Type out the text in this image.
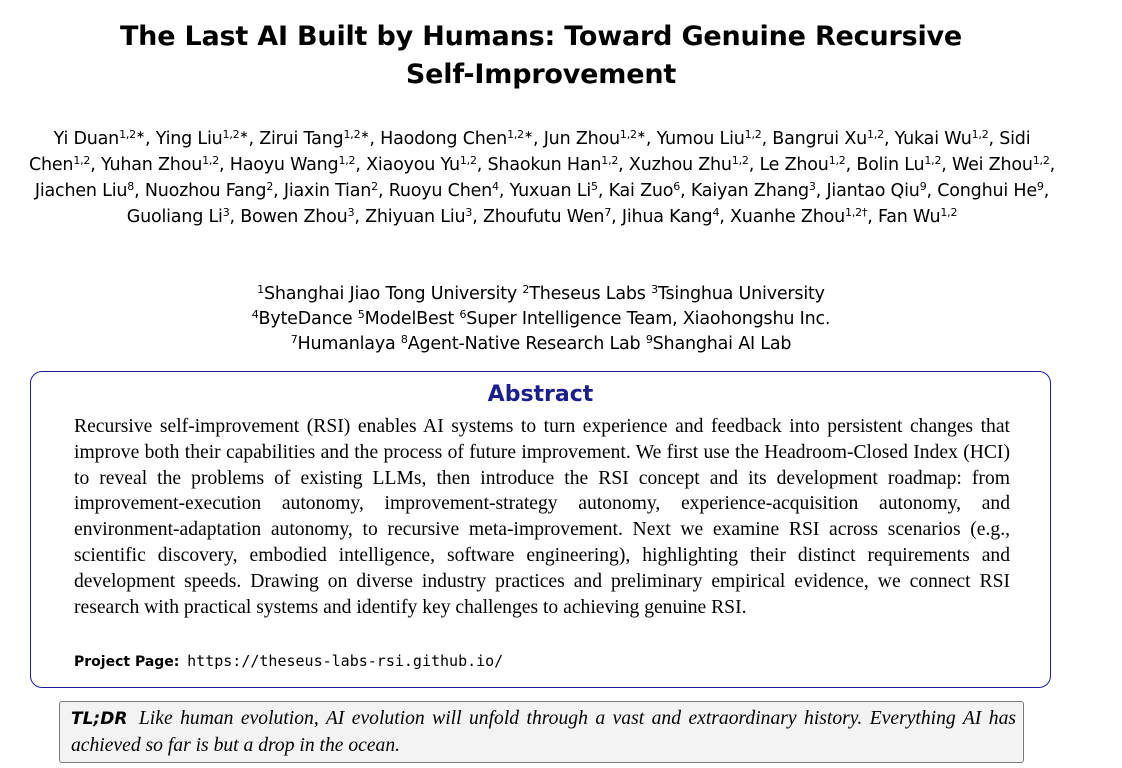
The Last AI Built by Humans: Toward Genuine Recursive
Self-Improvement
Yi Duan$^{1,2∗}$, Ying Liu$^{1,2∗}$, Zirui Tang$^{1,2∗}$, Haodong Chen$^{1,2∗}$, Jun Zhou$^{1,2∗}$, Yumou Liu$^{1,2}$, Bangrui Xu$^{1,2}$, Yukai Wu$^{1,2}$, Sidi Chen$^{1,2}$, Yuhan Zhou$^{1,2}$, Haoyu Wang$^{1,2}$, Xiaoyou Yu$^{1,2}$, Shaokun Han$^{1,2}$, Xuzhou Zhu$^{1,2}$, Le Zhou$^{1,2}$, Bolin Lu$^{1,2}$, Wei Zhou$^{1,2}$, Jiachen Liu$^8$, Nuozhou Fang$^2$, Jiaxin Tian$^2$, Ruoyu Chen$^4$, Yuxuan Li$^5$, Kai Zuo$^6$, Kaiyan Zhang$^3$, Jiantao Qiu$^9$, Conghui He$^9$, Guoliang Li$^3$, Bowen Zhou$^3$, Zhiyuan Liu$^3$, Zhoufutu Wen$^7$, Jihua Kang$^4$, Xuanhe Zhou$^{1,2\dagger}$, Fan Wu$^{1,2}$
$^1$Shanghai Jiao Tong University $^2$Theseus Labs $^3$Tsinghua University
$^4$ByteDance $^5$ModelBest $^6$Super Intelligence Team, Xiaohongshu Inc.
$^7$Humanlaya $^8$Agent-Native Research Lab $^9$Shanghai AI Lab
Abstract
Recursive self-improvement (RSI) enables AI systems to turn experience and feedback into persistent changes that improve both their capabilities and the process of future improvement. We first use the Headroom-Closed Index (HCI) to reveal the problems of existing LLMs, then introduce the RSI concept and its development roadmap: from improvement-execution autonomy, improvement-strategy autonomy, experience-acquisition autonomy, and environment-adaptation autonomy, to recursive meta-improvement. Next we examine RSI across scenarios (e.g., scientific discovery, embodied intelligence, software engineering), highlighting their distinct requirements and development speeds. Drawing on diverse industry practices and preliminary empirical evidence, we connect RSI research with practical systems and identify key challenges to achieving genuine RSI.
Project Page: https://theseus-labs-rsi.github.io/
TL;DR Like human evolution, AI evolution will unfold through a vast and extraordinary history. Everything AI has achieved so far is but a drop in the ocean.
